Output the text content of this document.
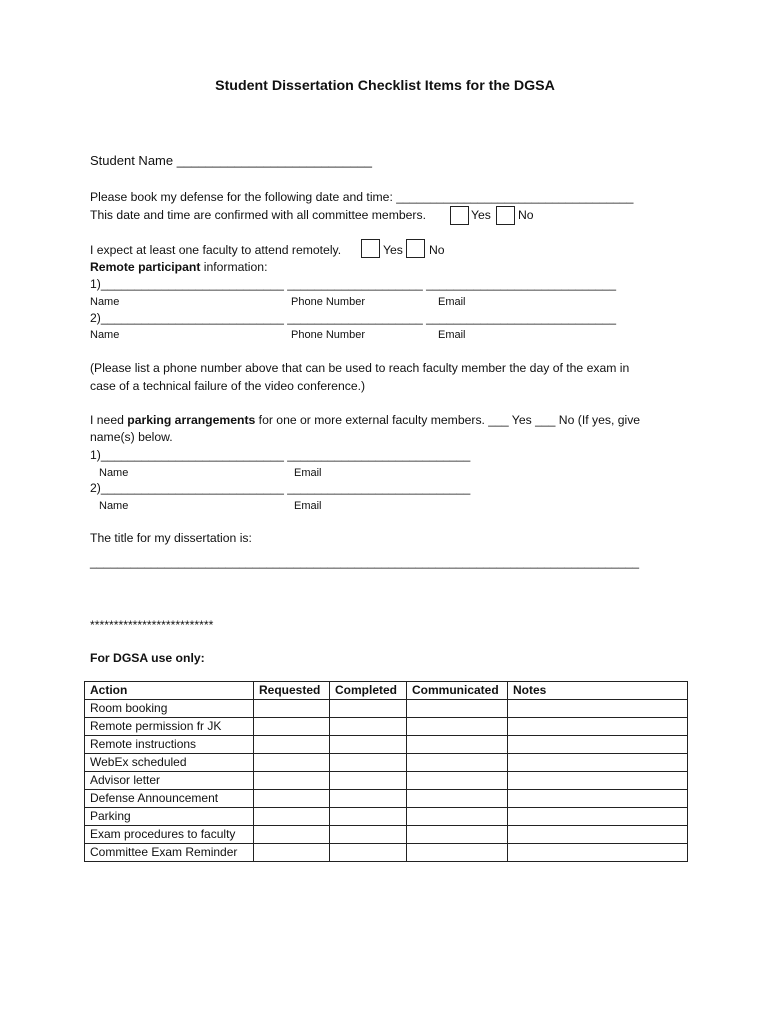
Student Dissertation Checklist Items for the DGSA
Student Name ___________________________
Please book my defense for the following date and time: ___________________________________
This date and time are confirmed with all committee members.	Yes No
I expect at least one faculty to attend remotely.	Yes No
Remote participant information:
1)___________________________ ____________________ ____________________________
Name	Phone Number	Email
2)___________________________ ____________________ ____________________________
Name	Phone Number	Email
(Please list a phone number above that can be used to reach faculty member the day of the exam in
case of a technical failure of the video conference.)
I need parking arrangements for one or more external faculty members. ___ Yes ___ No (If yes, give
name(s) below.
1)___________________________ ___________________________
Name	Email
2)___________________________ ___________________________
Name	Email
The title for my dissertation is:
_________________________________________________________________________________
**************************
For DGSA use only:
Action	Requested	Completed	Communicated	Notes
Room booking				
Remote permission fr JK				
Remote instructions				
WebEx scheduled				
Advisor letter				
Defense Announcement				
Parking				
Exam procedures to faculty				
Committee Exam Reminder				
